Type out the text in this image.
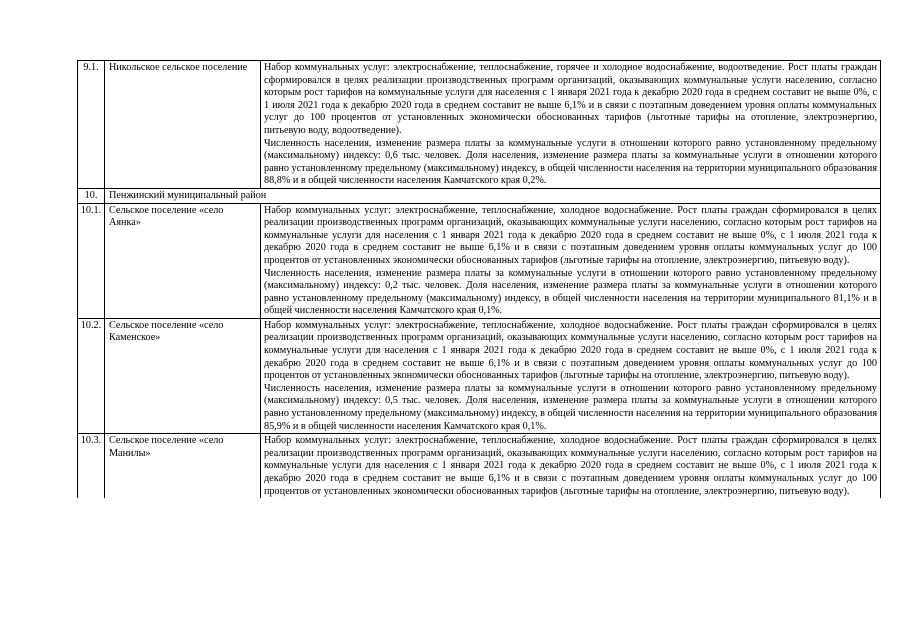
9.1.	Никольское сельское поселение	Набор коммунальных услуг: электроснабжение, теплоснабжение, горячее и холодное водоснабжение, водоотведение. Рост платы граждан сформировался в целях реализации производственных программ организаций, оказывающих коммунальные услуги населению, согласно которым рост тарифов на коммунальные услуги для населения с 1 января 2021 года к декабрю 2020 года в среднем составит не выше 0%, с 1 июля 2021 года к декабрю 2020 года в среднем составит не выше 6,1% и в связи с поэтапным доведением уровня оплаты коммунальных услуг до 100 процентов от установленных экономически обоснованных тарифов (льготные тарифы на отопление, электроэнергию, питьевую воду, водоотведение).

Численность населения, изменение размера платы за коммунальные услуги в отношении которого равно установленному предельному (максимальному) индексу: 0,6 тыс. человек. Доля населения, изменение размера платы за коммунальные услуги в отношении которого равно установленному предельному (максимальному) индексу, в общей численности населения на территории муниципального образования 88,8% и в общей численности населения Камчатского края 0,2%.

10.	Пенжинский муниципальный район	
10.1.	Сельское поселение «село Аянка»	Набор коммунальных услуг: электроснабжение, теплоснабжение, холодное водоснабжение. Рост платы граждан сформировался в целях реализации производственных программ организаций, оказывающих коммунальные услуги населению, согласно которым рост тарифов на коммунальные услуги для населения с 1 января 2021 года к декабрю 2020 года в среднем составит не выше 0%, с 1 июля 2021 года к декабрю 2020 года в среднем составит не выше 6,1% и в связи с поэтапным доведением уровня оплаты коммунальных услуг до 100 процентов от установленных экономически обоснованных тарифов (льготные тарифы на отопление, электроэнергию, питьевую воду).

Численность населения, изменение размера платы за коммунальные услуги в отношении которого равно установленному предельному (максимальному) индексу: 0,2 тыс. человек. Доля населения, изменение размера платы за коммунальные услуги в отношении которого равно установленному предельному (максимальному) индексу, в общей численности населения на территории муниципального 81,1% и в общей численности населения Камчатского края 0,1%.

10.2.	Сельское поселение «село Каменское»	Набор коммунальных услуг: электроснабжение, теплоснабжение, холодное водоснабжение. Рост платы граждан сформировался в целях реализации производственных программ организаций, оказывающих коммунальные услуги населению, согласно которым рост тарифов на коммунальные услуги для населения с 1 января 2021 года к декабрю 2020 года в среднем составит не выше 0%, с 1 июля 2021 года к декабрю 2020 года в среднем составит не выше 6,1% и в связи с поэтапным доведением уровня оплаты коммунальных услуг до 100 процентов от установленных экономически обоснованных тарифов (льготные тарифы на отопление, электроэнергию, питьевую воду).

Численность населения, изменение размера платы за коммунальные услуги в отношении которого равно установленному предельному (максимальному) индексу: 0,5 тыс. человек. Доля населения, изменение размера платы за коммунальные услуги в отношении которого равно установленному предельному (максимальному) индексу, в общей численности населения на территории муниципального образования 85,9% и в общей численности населения Камчатского края 0,1%.

10.3.	Сельское поселение «село Манилы»	Набор коммунальных услуг: электроснабжение, теплоснабжение, холодное водоснабжение. Рост платы граждан сформировался в целях реализации производственных программ организаций, оказывающих коммунальные услуги населению, согласно которым рост тарифов на коммунальные услуги для населения с 1 января 2021 года к декабрю 2020 года в среднем составит не выше 0%, с 1 июля 2021 года к декабрю 2020 года в среднем составит не выше 6,1% и в связи с поэтапным доведением уровня оплаты коммунальных услуг до 100 процентов от установленных экономически обоснованных тарифов (льготные тарифы на отопление, электроэнергию, питьевую воду).
